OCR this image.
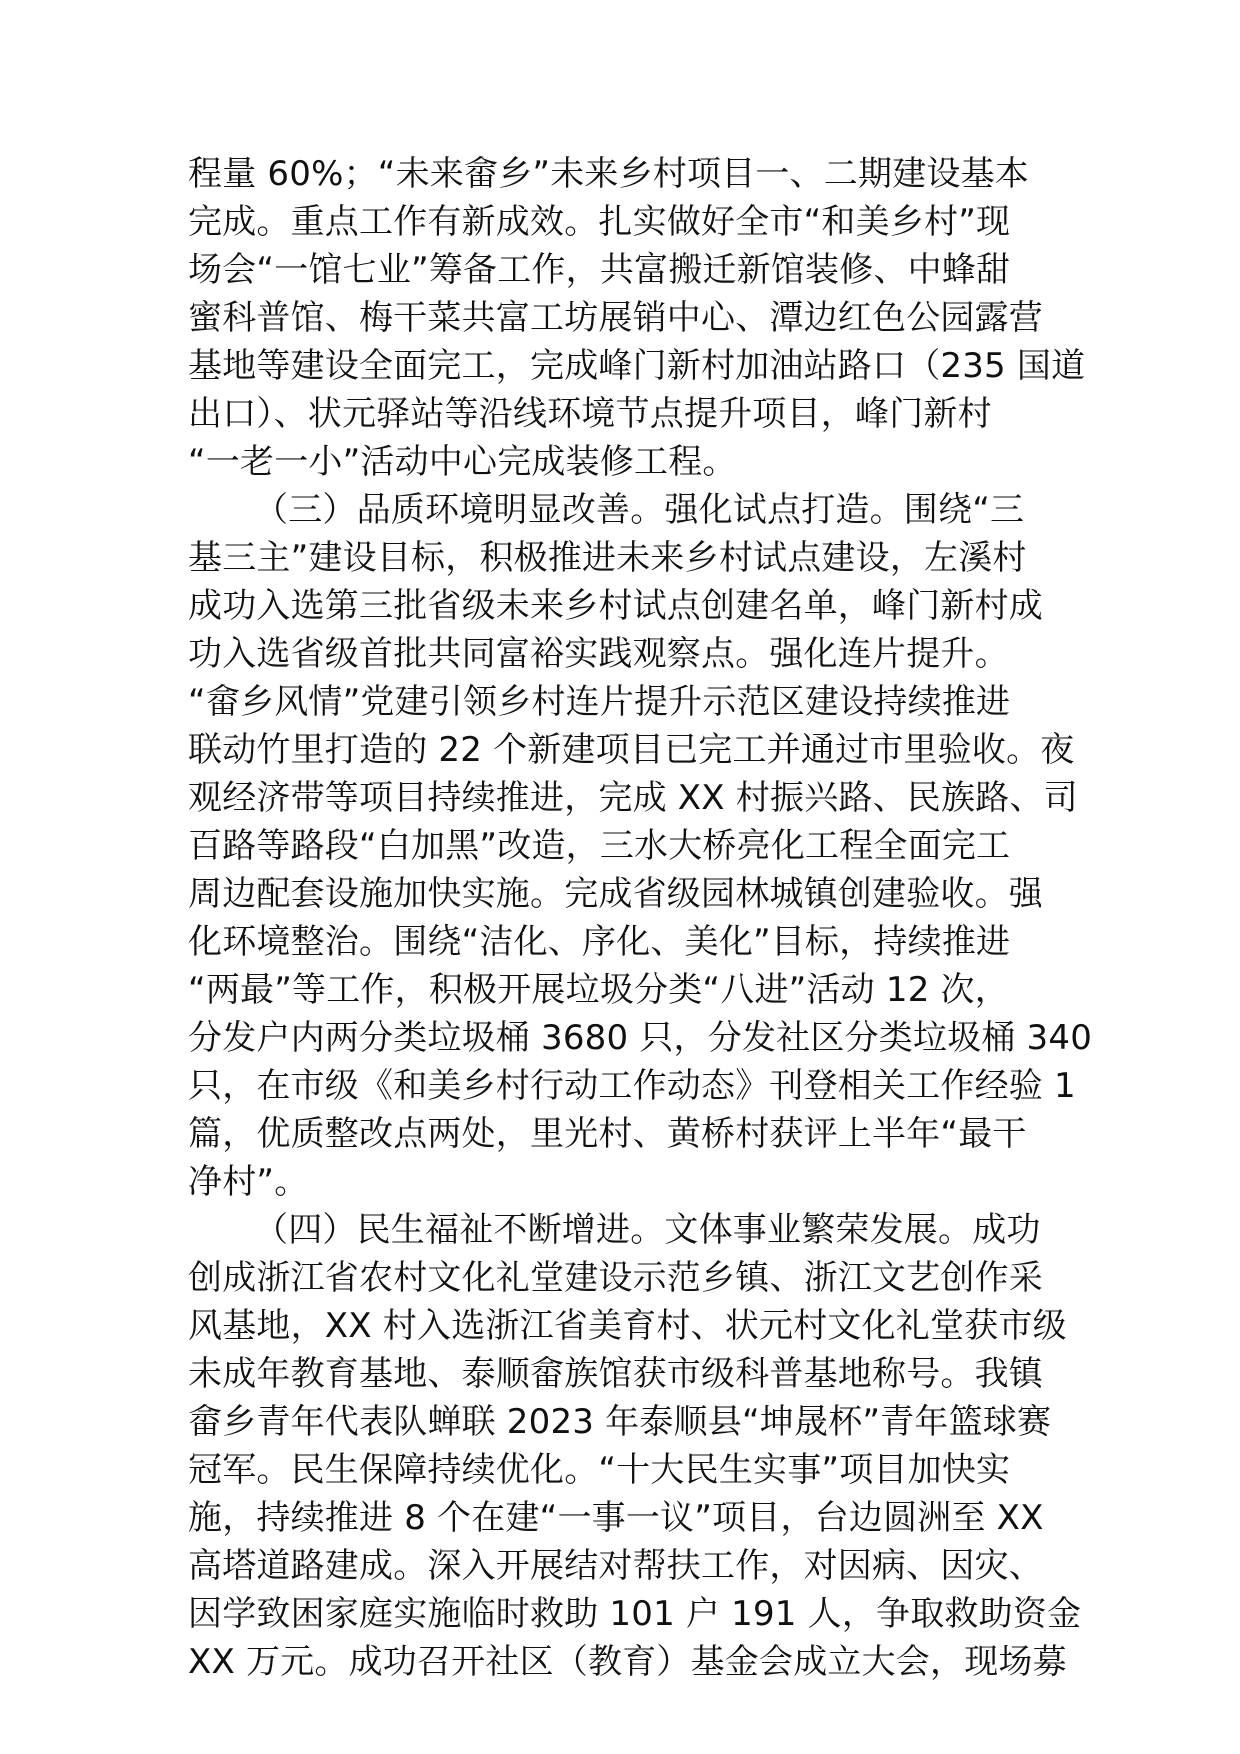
程量 60%；“未来畲乡”未来乡村项目一、二期建设基本
完成。重点工作有新成效。扎实做好全市“和美乡村”现
场会“一馆七业”筹备工作，共富搬迁新馆装修、中蜂甜
蜜科普馆、梅干菜共富工坊展销中心、潭边红色公园露营
基地等建设全面完工，完成峰门新村加油站路口（235 国道
出口）、状元驿站等沿线环境节点提升项目，峰门新村
“一老一小”活动中心完成装修工程。
（三）品质环境明显改善。强化试点打造。围绕“三
基三主”建设目标，积极推进未来乡村试点建设，左溪村
成功入选第三批省级未来乡村试点创建名单，峰门新村成
功入选省级首批共同富裕实践观察点。强化连片提升。
“畲乡风情”党建引领乡村连片提升示范区建设持续推进
联动竹里打造的 22 个新建项目已完工并通过市里验收。夜
观经济带等项目持续推进，完成 XX 村振兴路、民族路、司
百路等路段“白加黑”改造，三水大桥亮化工程全面完工
周边配套设施加快实施。完成省级园林城镇创建验收。强
化环境整治。围绕“洁化、序化、美化”目标，持续推进
“两最”等工作，积极开展垃圾分类“八进”活动 12 次，
分发户内两分类垃圾桶 3680 只，分发社区分类垃圾桶 340
只，在市级《和美乡村行动工作动态》刊登相关工作经验 1
篇，优质整改点两处，里光村、黄桥村获评上半年“最干
净村”。
（四）民生福祉不断增进。文体事业繁荣发展。成功
创成浙江省农村文化礼堂建设示范乡镇、浙江文艺创作采
风基地，XX 村入选浙江省美育村、状元村文化礼堂获市级
未成年教育基地、泰顺畲族馆获市级科普基地称号。我镇
畲乡青年代表队蝉联 2023 年泰顺县“坤晟杯”青年篮球赛
冠军。民生保障持续优化。“十大民生实事”项目加快实
施，持续推进 8 个在建“一事一议”项目，台边圆洲至 XX
高塔道路建成。深入开展结对帮扶工作，对因病、因灾、
因学致困家庭实施临时救助 101 户 191 人，争取救助资金
XX 万元。成功召开社区（教育）基金会成立大会，现场募
